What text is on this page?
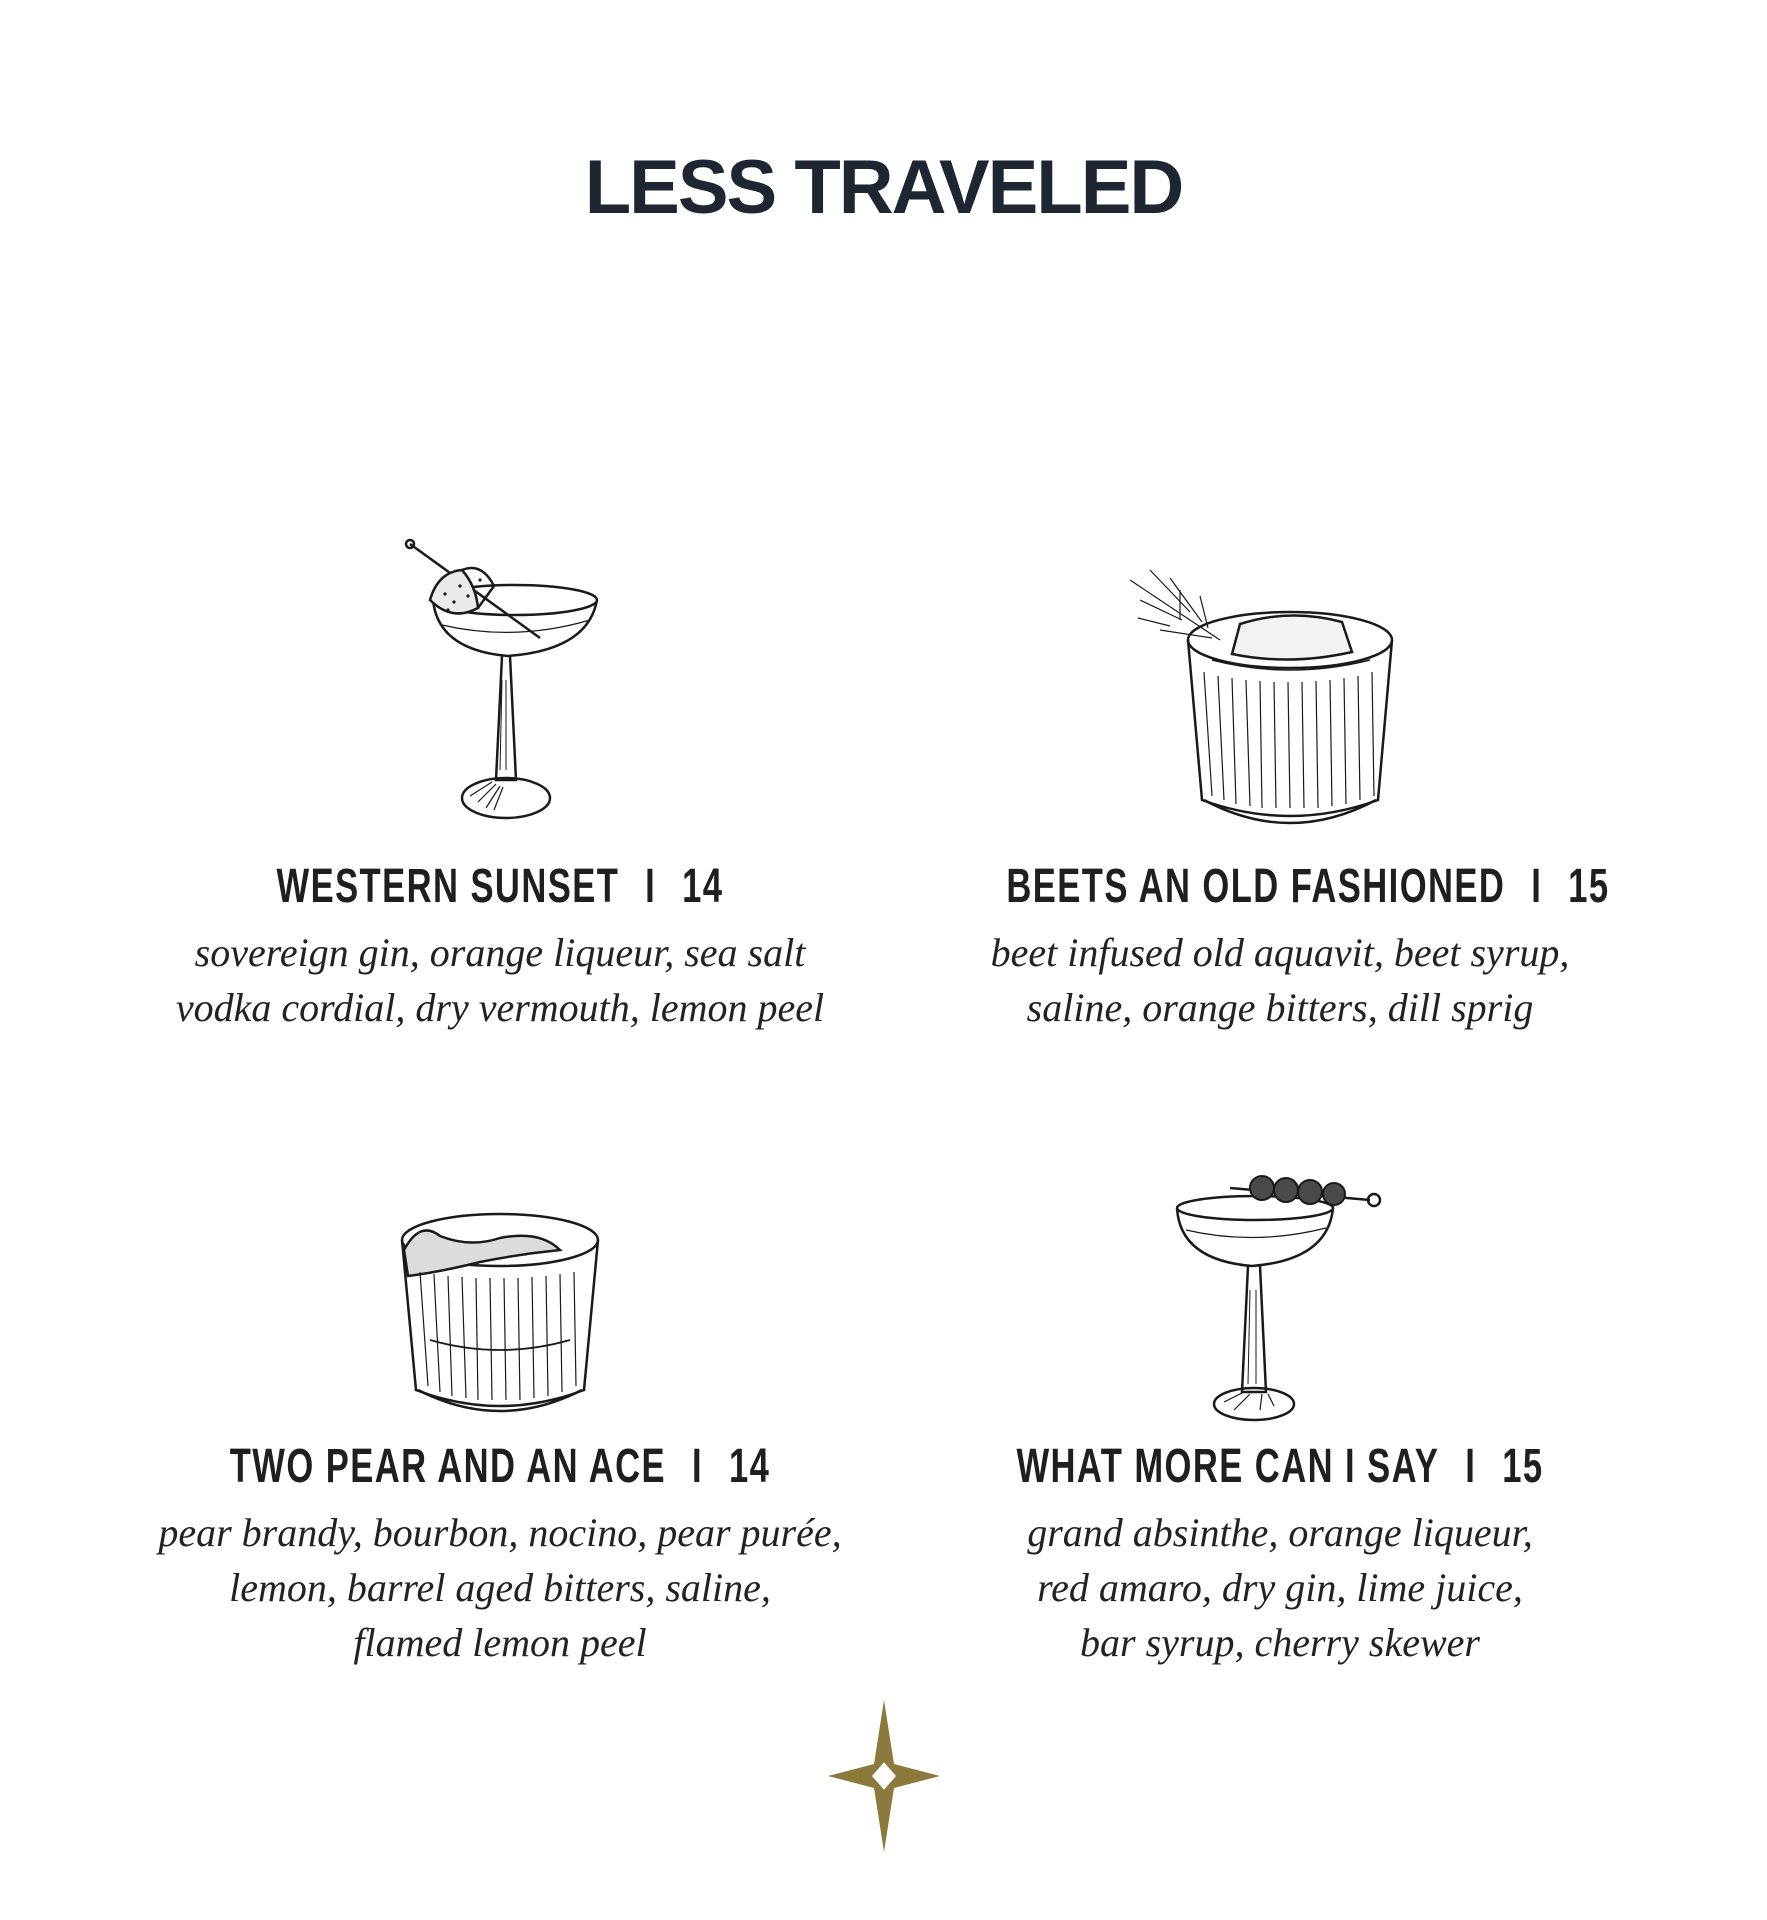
LESS TRAVELED
WESTERN SUNSET I 14
sovereign gin, orange liqueur, sea salt
vodka cordial, dry vermouth, lemon peel
BEETS AN OLD FASHIONED I 15
beet infused old aquavit, beet syrup,
saline, orange bitters, dill sprig
TWO PEAR AND AN ACE I 14
pear brandy, bourbon, nocino, pear purée,
lemon, barrel aged bitters, saline,
flamed lemon peel
WHAT MORE CAN I SAY I 15
grand absinthe, orange liqueur,
red amaro, dry gin, lime juice,
bar syrup, cherry skewer
